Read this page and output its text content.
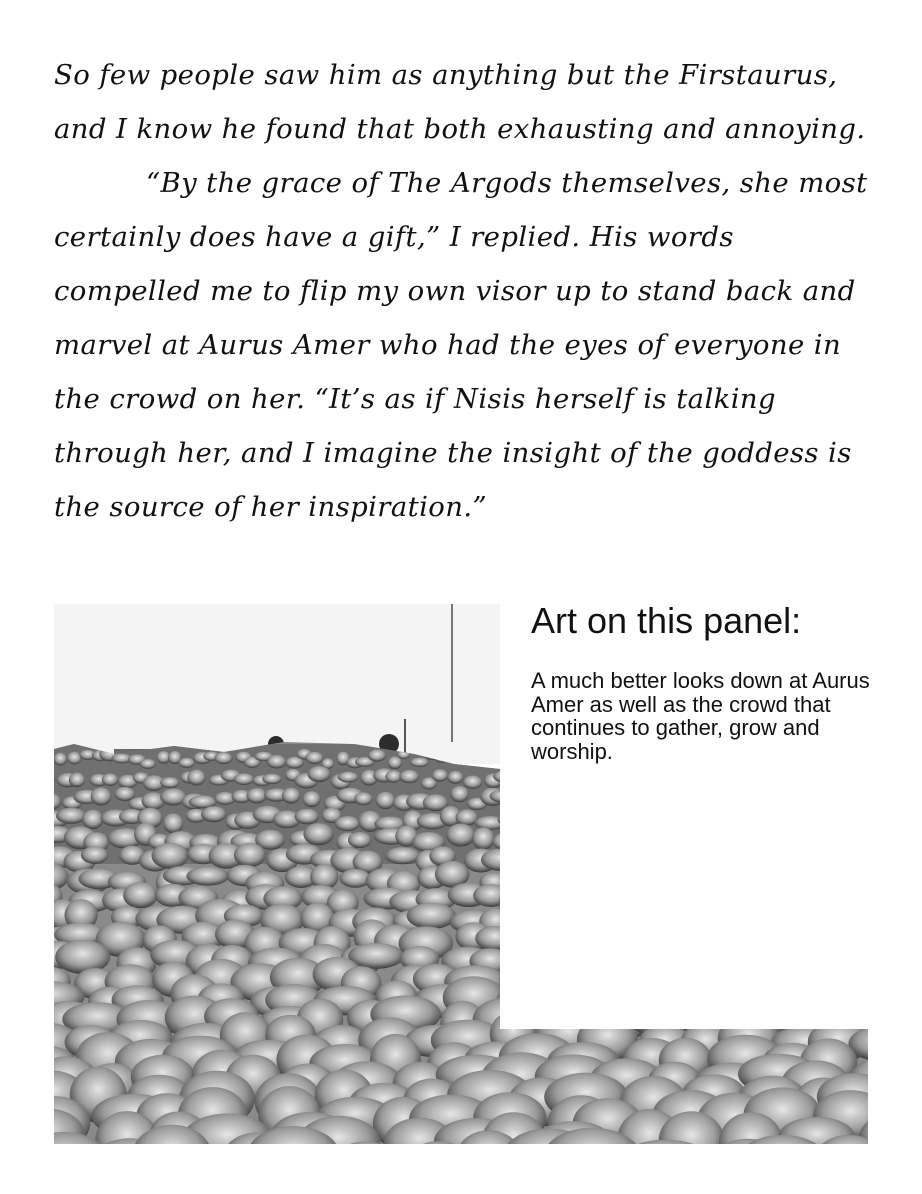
So few people saw him as anything but the Firstaurus, and I know he found that both exhausting and annoying.

“By the grace of The Argods themselves, she most certainly does have a gift,” I replied. His words compelled me to flip my own visor up to stand back and marvel at Aurus Amer who had the eyes of everyone in the crowd on her. “It’s as if Nisis herself is talking through her, and I imagine the insight of the goddess is the source of her inspiration.”

Art on this panel:
A much better looks down at Aurus Amer as well as the crowd that continues to gather, grow and worship.
